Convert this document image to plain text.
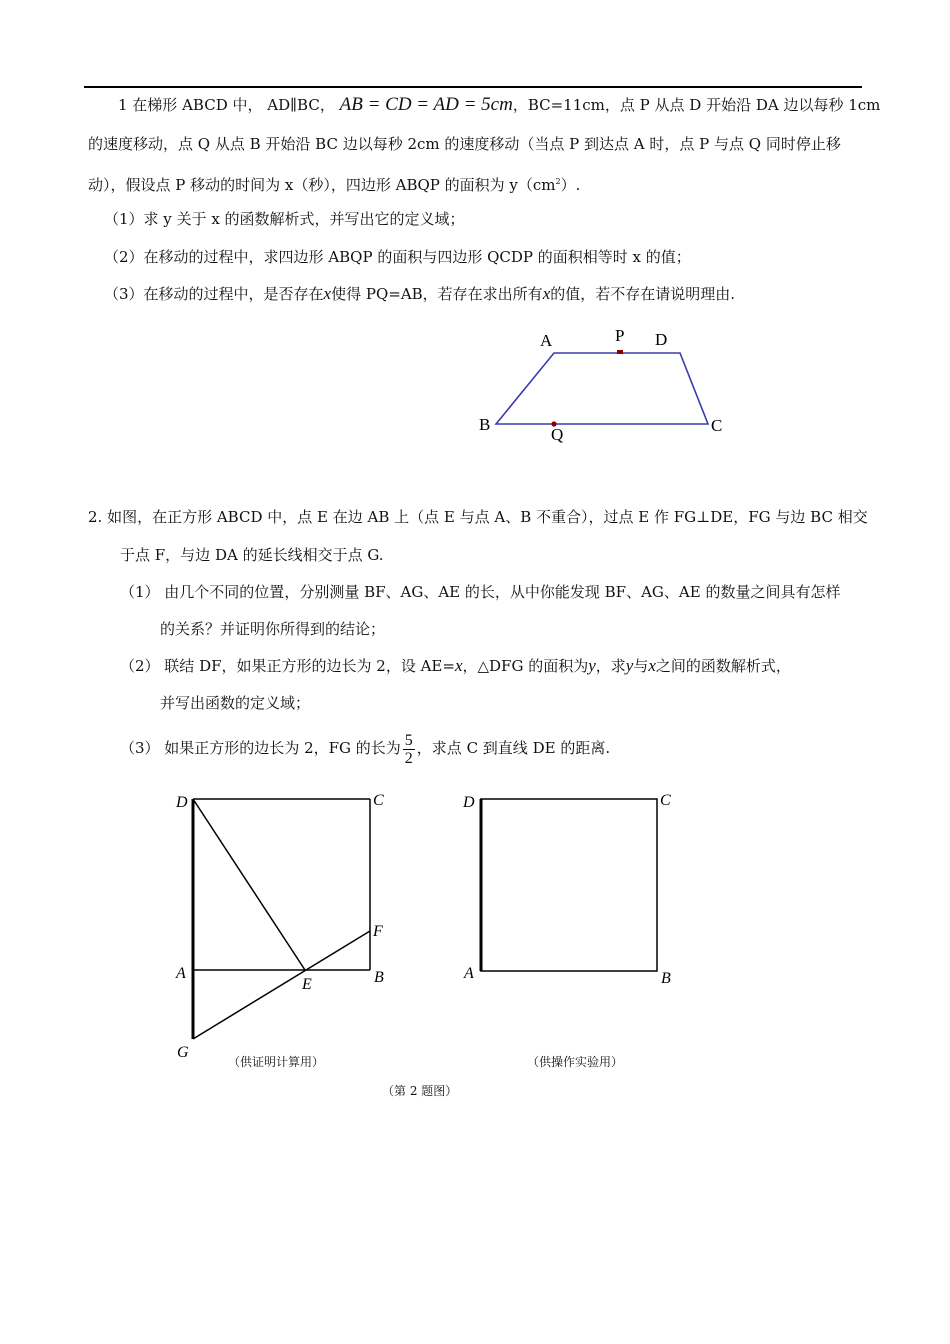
1 在梯形 ABCD 中， AD∥BC， AB = CD = AD = 5cm，BC=11cm，点 P 从点 D 开始沿 DA 边以每秒 1cm
的速度移动，点 Q 从点 B 开始沿 BC 边以每秒 2cm 的速度移动（当点 P 到达点 A 时，点 P 与点 Q 同时停止移
动），假设点 P 移动的时间为 x（秒），四边形 ABQP 的面积为 $y(cm^2)$.
（1）求 y 关于 x 的函数解析式，并写出它的定义域；
（2）在移动的过程中，求四边形 ABQP 的面积与四边形 QCDP 的面积相等时 x 的值；
（3）在移动的过程中，是否存在x使得 PQ=AB，若存在求出所有x的值，若不存在请说明理由.
A	P D
B
Q	C
2. 如图，在正方形 ABCD 中，点 E 在边 AB 上（点 E 与点 A、B 不重合），过点 E 作 FG⊥DE，FG 与边 BC 相交
于点 F，与边 DA 的延长线相交于点 G.
（1） 由几个不同的位置，分别测量 BF、AG、AE 的长，从中你能发现 BF、AG、AE 的数量之间具有怎样
的关系？并证明你所得到的结论；
（2） 联结 DF，如果正方形的边长为 2，设 AE=x，△DFG 的面积为y，求y与x之间的函数解析式，
并写出函数的定义域；
（3） 如果正方形的边长为 2，FG 的长为 $\frac{5}{2}$ ，求点 C 到直线 DE 的距离.
D	C
F
A
E	B
G
D	C
A	B
（供证明计算用）	（供操作实验用）
（第 2 题图）
